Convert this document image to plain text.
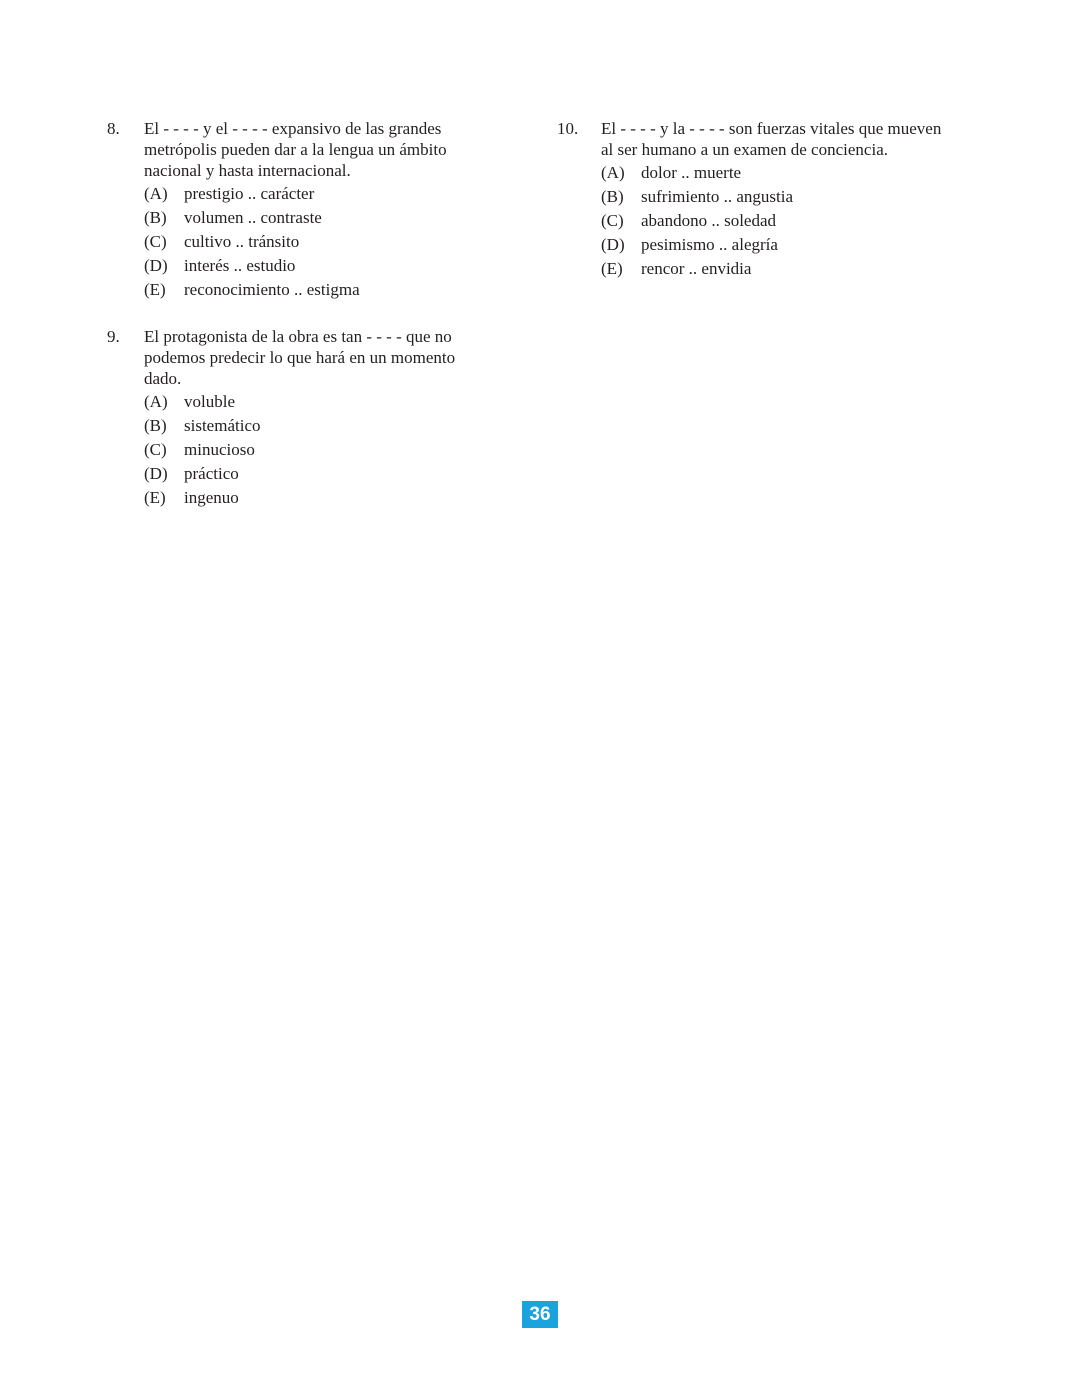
8. El - - - - y el - - - - expansivo de las grandes
metrópolis pueden dar a la lengua un ámbito
nacional y hasta internacional.
(A) prestigio .. carácter
(B) volumen .. contraste
(C) cultivo .. tránsito
(D) interés .. estudio
(E) reconocimiento .. estigma
9. El protagonista de la obra es tan - - - - que no
podemos predecir lo que hará en un momento
dado.
(A) voluble
(B) sistemático
(C) minucioso
(D) práctico
(E) ingenuo
10. El - - - - y la - - - - son fuerzas vitales que mueven
al ser humano a un examen de conciencia.
(A) dolor .. muerte
(B) sufrimiento .. angustia
(C) abandono .. soledad
(D) pesimismo .. alegría
(E) rencor .. envidia
36
